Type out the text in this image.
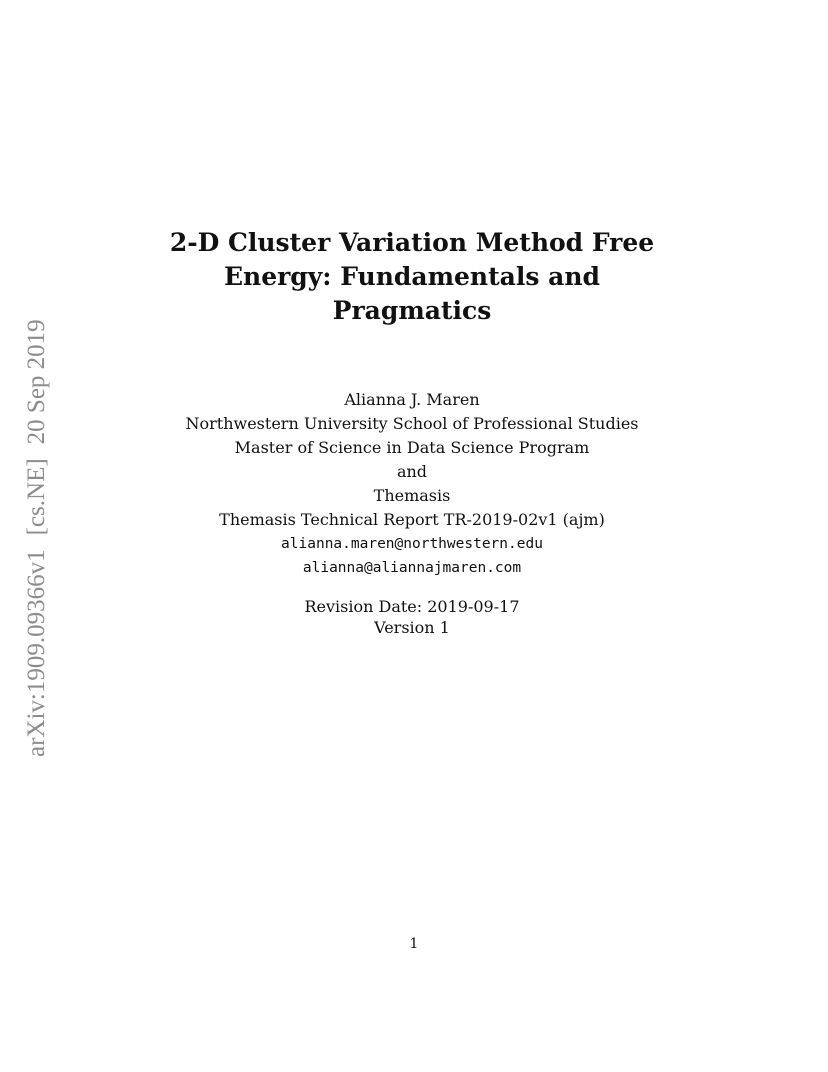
arXiv:1909.09366v1[cs.NE]20 Sep 2019
2-D Cluster Variation Method Free
Energy: Fundamentals and
Pragmatics
Alianna J. Maren
Northwestern University School of Professional Studies
Master of Science in Data Science Program
and
Themasis
Themasis Technical Report TR-2019-02v1 (ajm)
alianna.maren@northwestern.edu
alianna@aliannajmaren.com
Revision Date: 2019-09-17
Version 1
1
